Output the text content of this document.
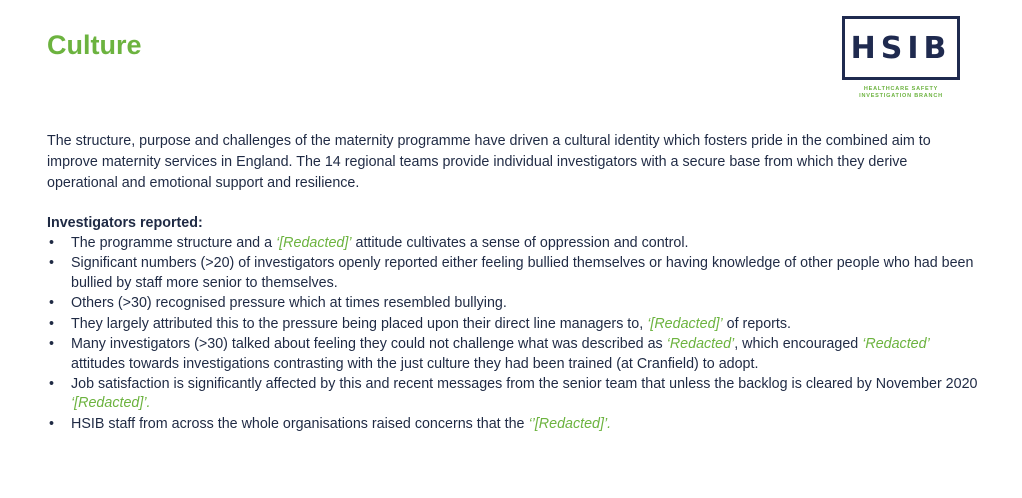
Culture	HSIB
HEALTHCARE SAFETY
INVESTIGATION BRANCH

The structure, purpose and challenges of the maternity programme have driven a cultural identity which fosters pride in the combined aim to improve maternity services in England. The 14 regional teams provide individual investigators with a secure base from which they derive operational and emotional support and resilience.

Investigators reported:

• The programme structure and a ‘[Redacted]’ attitude cultivates a sense of oppression and control.
• Significant numbers (>20) of investigators openly reported either feeling bullied themselves or having knowledge of other people who had been bullied by staff more senior to themselves.
• Others (>30) recognised pressure which at times resembled bullying.
• They largely attributed this to the pressure being placed upon their direct line managers to, ‘[Redacted]’ of reports.
• Many investigators (>30) talked about feeling they could not challenge what was described as ‘Redacted’, which encouraged ‘Redacted’ attitudes towards investigations contrasting with the just culture they had been trained (at Cranfield) to adopt.
• Job satisfaction is significantly affected by this and recent messages from the senior team that unless the backlog is cleared by November 2020 ‘[Redacted]’.
• HSIB staff from across the whole organisations raised concerns that the ‘’[Redacted]’.
